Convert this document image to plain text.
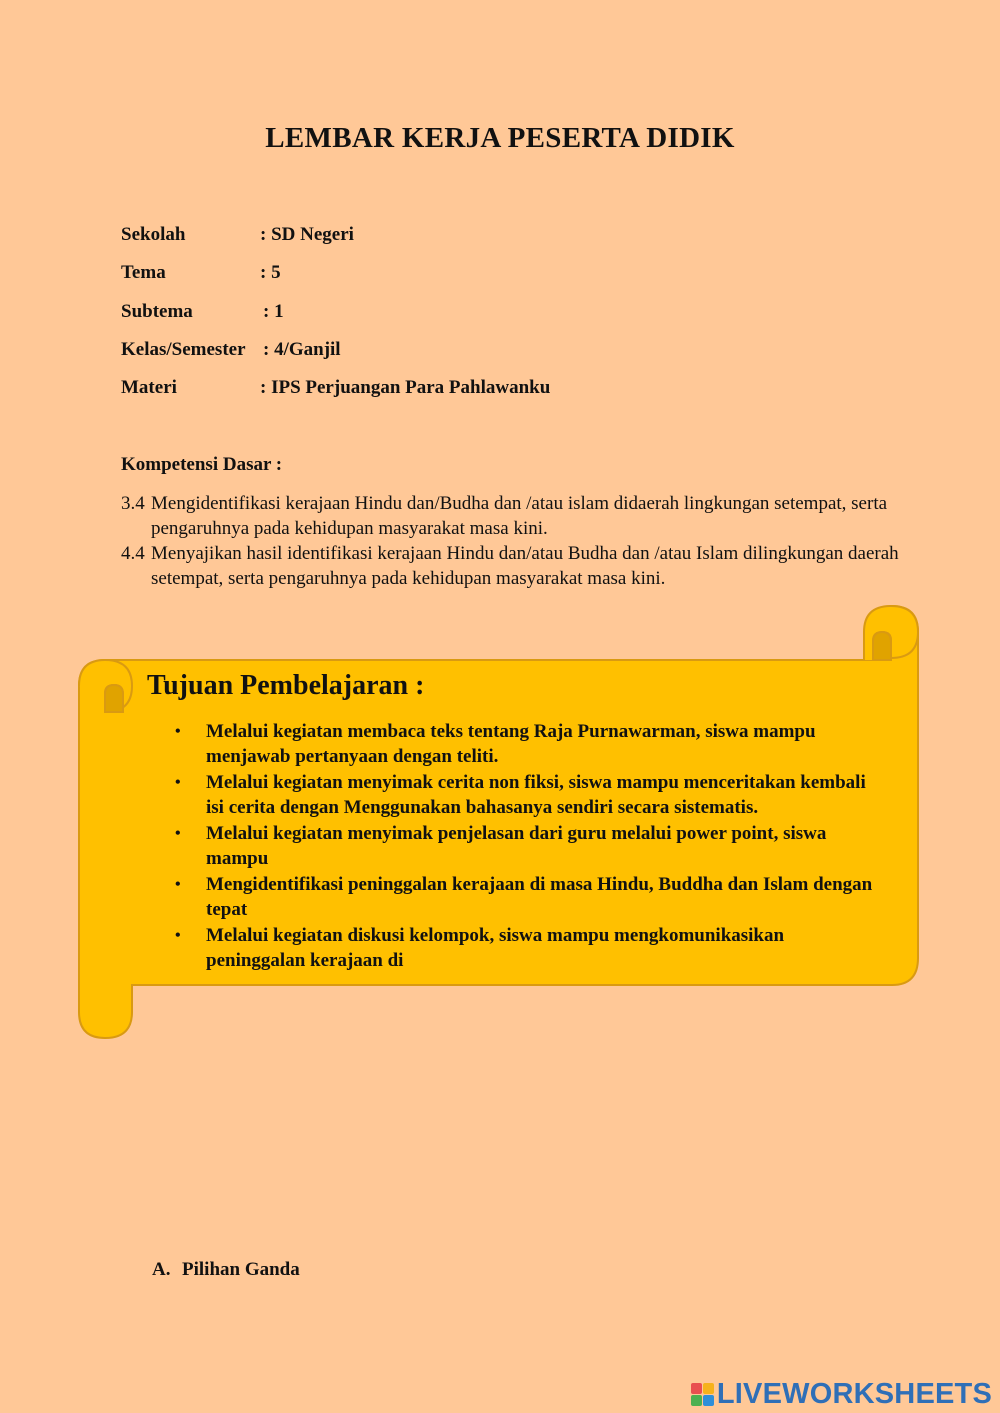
LEMBAR KERJA PESERTA DIDIK
Sekolah	: SD Negeri
Tema	: 5
Subtema	: 1
Kelas/Semester : 4/Ganjil
Materi	: IPS Perjuangan Para Pahlawanku
Kompetensi Dasar :
3.4 Mengidentifikasi kerajaan Hindu dan/Budha dan /atau islam didaerah lingkungan setempat, serta pengaruhnya pada kehidupan masyarakat masa kini.
4.4 Menyajikan hasil identifikasi kerajaan Hindu dan/atau Budha dan /atau Islam dilingkungan daerah setempat, serta pengaruhnya pada kehidupan masyarakat masa kini.
Tujuan Pembelajaran :
• Melalui kegiatan membaca teks tentang Raja Purnawarman, siswa mampu menjawab pertanyaan dengan teliti.
• Melalui kegiatan menyimak cerita non fiksi, siswa mampu menceritakan kembali isi cerita dengan Menggunakan bahasanya sendiri secara sistematis.
• Melalui kegiatan menyimak penjelasan dari guru melalui power point, siswa mampu
• Mengidentifikasi peninggalan kerajaan di masa Hindu, Buddha dan Islam dengan tepat
• Melalui kegiatan diskusi kelompok, siswa mampu mengkomunikasikan peninggalan kerajaan di
A. Pilihan Ganda
LIVEWORKSHEETS
